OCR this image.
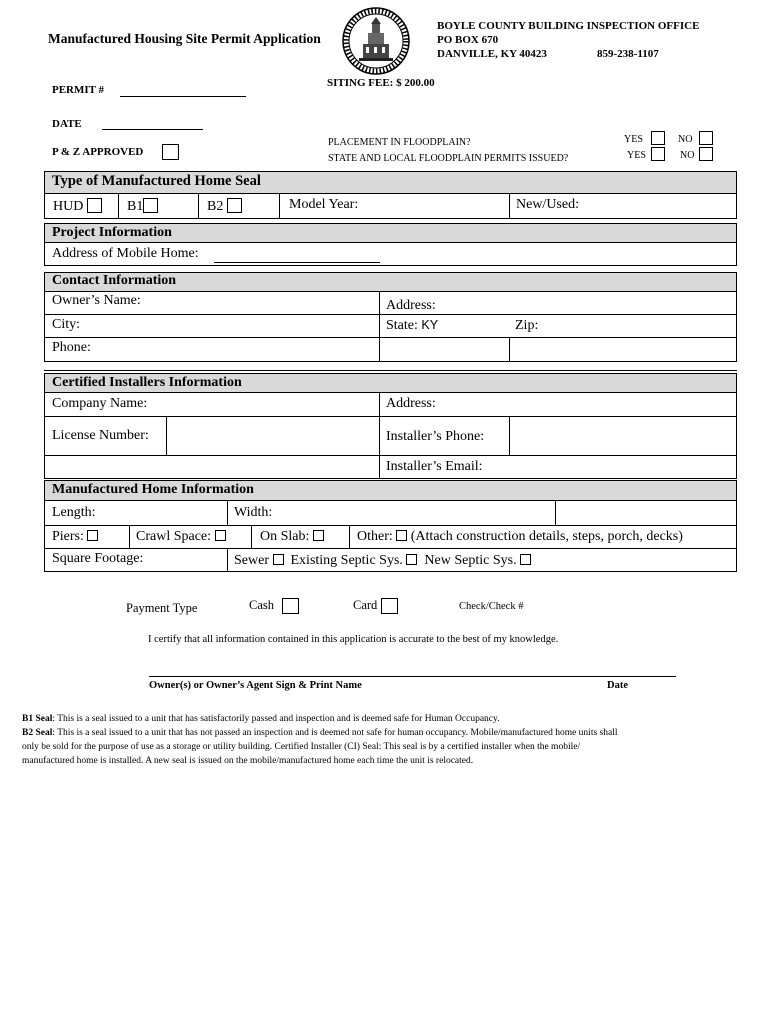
Manufactured Housing Site Permit Application
BOYLE COUNTY BUILDING INSPECTION OFFICE
PO BOX 670
DANVILLE, KY 40423	859-238-1107
PERMIT #
SITING FEE: $ 200.00
DATE
P & Z APPROVED
PLACEMENT IN FLOODPLAIN?
STATE AND LOCAL FLOODPLAIN PERMITS ISSUED?
YES	NO
YES	NO
Type of Manufactured Home Seal
HUD	B1	B2	Model Year:	New/Used:
Project Information
Address of Mobile Home:
Contact Information
Owner’s Name:	Address:
City:	State: KY	Zip:
Phone:
Certified Installers Information
Company Name:	Address:
License Number:	Installer’s Phone:
Installer’s Email:
Manufactured Home Information
Length:	Width:
Piers:	Crawl Space:	On Slab:	Other: (Attach construction details, steps, porch, decks)
Square Footage:	Sewer Existing Septic Sys. New Septic Sys.
Payment Type	Cash	Card	Check/Check #
I certify that all information contained in this application is accurate to the best of my knowledge.
Owner(s) or Owner’s Agent Sign & Print Name	Date
B1 Seal: This is a seal issued to a unit that has satisfactorily passed and inspection and is deemed safe for Human Occupancy.
B2 Seal: This is a seal issued to a unit that has not passed an inspection and is deemed not safe for human occupancy. Mobile/manufactured home units shall
only be sold for the purpose of use as a storage or utility building. Certified Installer (CI) Seal: This seal is by a certified installer when the mobile/
manufactured home is installed. A new seal is issued on the mobile/manufactured home each time the unit is relocated.
